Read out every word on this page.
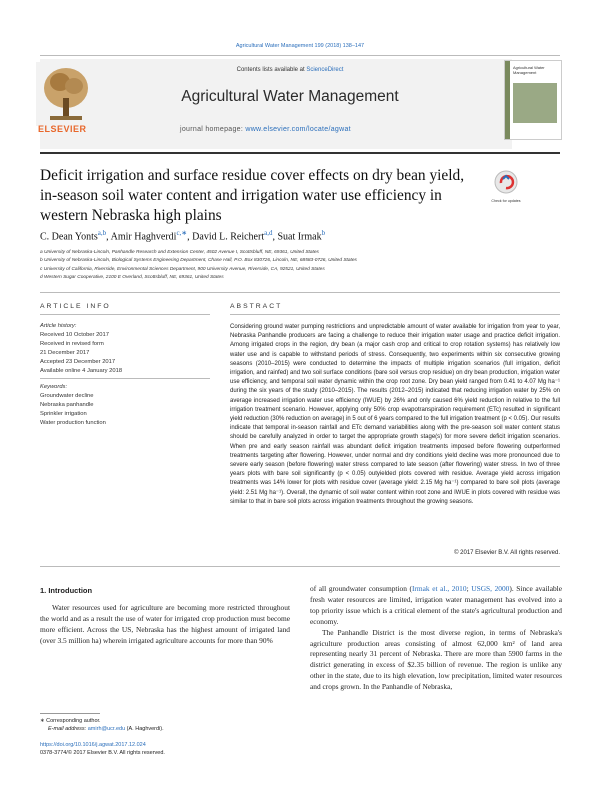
Agricultural Water Management 199 (2018) 138–147
ELSEVIER
Contents lists available at ScienceDirect
Agricultural Water Management
journal homepage: www.elsevier.com/locate/agwat
Agricultural Water Management
Deficit irrigation and surface residue cover effects on dry bean yield, in-season soil water content and irrigation water use efficiency in western Nebraska high plains
Check for updates
C. Dean Yonts$^{a,b}$, Amir Haghverdi$^{c,∗}$, David L. Reichert$^{a,d}$, Suat Irmak$^b$
a University of Nebraska-Lincoln, Panhandle Research and Extension Center, 4502 Avenue I, Scottsbluff, NE, 69361, United States
b University of Nebraska-Lincoln, Biological Systems Engineering Department, Chase Hall, P.O. Box 830726, Lincoln, NE, 68583-0726, United States
c University of California, Riverside, Environmental Sciences Department, 900 University Avenue, Riverside, CA, 92521, United States
d Western Sugar Cooperative, 2100 E Overland, Scottsbluff, NE, 69361, United States
ARTICLE INFO
Article history:
Received 10 October 2017
Received in revised form
21 December 2017
Accepted 23 December 2017
Available online 4 January 2018
Keywords:
Groundwater decline
Nebraska panhandle
Sprinkler irrigation
Water production function
ABSTRACT
Considering ground water pumping restrictions and unpredictable amount of water available for irrigation from year to year, Nebraska Panhandle producers are facing a challenge to reduce their irrigation water usage and practice deficit irrigation. Among irrigated crops in the region, dry bean (a major cash crop and critical to crop rotation systems) has relatively low water use and is capable to withstand periods of stress. Consequently, two experiments within six consecutive growing seasons (2010–2015) were conducted to determine the impacts of multiple irrigation scenarios (full irrigation, deficit irrigation, and rainfed) and two soil surface conditions (bare soil versus crop residue) on dry bean production, irrigation water use efficiency, and temporal soil water dynamic within the crop root zone. Dry bean yield ranged from 0.41 to 4.07 Mg ha⁻¹ during the six years of the study (2010–2015). The results (2012–2015) indicated that reducing irrigation water by 25% on average increased irrigation water use efficiency (IWUE) by 26% and only caused 6% yield reduction in relative to the full irrigation treatment scenario. However, applying only 50% crop evapotranspiration requirement (ETc) resulted in significant yield reduction (30% reduction on average) in 5 out of 6 years compared to the full irrigation treatment (p < 0.05). Our results indicate that temporal in-season rainfall and ETc demand variabilities along with the pre-season soil water content status should be carefully analyzed in order to target the appropriate growth stage(s) for more severe deficit irrigation scenarios. When pre and early season rainfall was abundant deficit irrigation treatments imposed before flowering outperformed treatments targeting after flowering. However, under normal and dry conditions yield decline was more pronounced due to severe early season (before flowering) water stress compared to late season (after flowering) water stress. In two of three years plots with bare soil significantly (p < 0.05) outyielded plots covered with residue. Average yield across irrigation treatments was 14% lower for plots with residue cover (average yield: 2.15 Mg ha⁻¹) compared to bare soil plots (average yield: 2.51 Mg ha⁻¹). Overall, the dynamic of soil water content within root zone and IWUE in plots covered with residue was similar to that in bare soil plots across irrigation treatments throughout the growing seasons.
© 2017 Elsevier B.V. All rights reserved.
1. Introduction
Water resources used for agriculture are becoming more restricted throughout the world and as a result the use of water for irrigated crop production must become more efficient. Across the US, Nebraska has the highest amount of irrigated land (over 3.5 million ha) wherein irrigated agriculture accounts for more than 90%

of all groundwater consumption (Irmak et al., 2010; USGS, 2000). Since available fresh water resources are limited, irrigation water management has evolved into a top priority issue which is a critical element of the state's agricultural production and economy.

The Panhandle District is the most diverse region, in terms of Nebraska's agriculture production areas consisting of almost 62,000 km² of land area representing nearly 31 percent of Nebraska. There are more than 5900 farms in the district generating in excess of $2.35 billion of revenue. The region is unlike any other in the state, due to its high elevation, low precipitation, limited water resources and crops grown. In the Panhandle of Nebraska,

∗ Corresponding author.
E-mail address: amirh@ucr.edu (A. Haghverdi).
https://doi.org/10.1016/j.agwat.2017.12.024
0378-3774/© 2017 Elsevier B.V. All rights reserved.
